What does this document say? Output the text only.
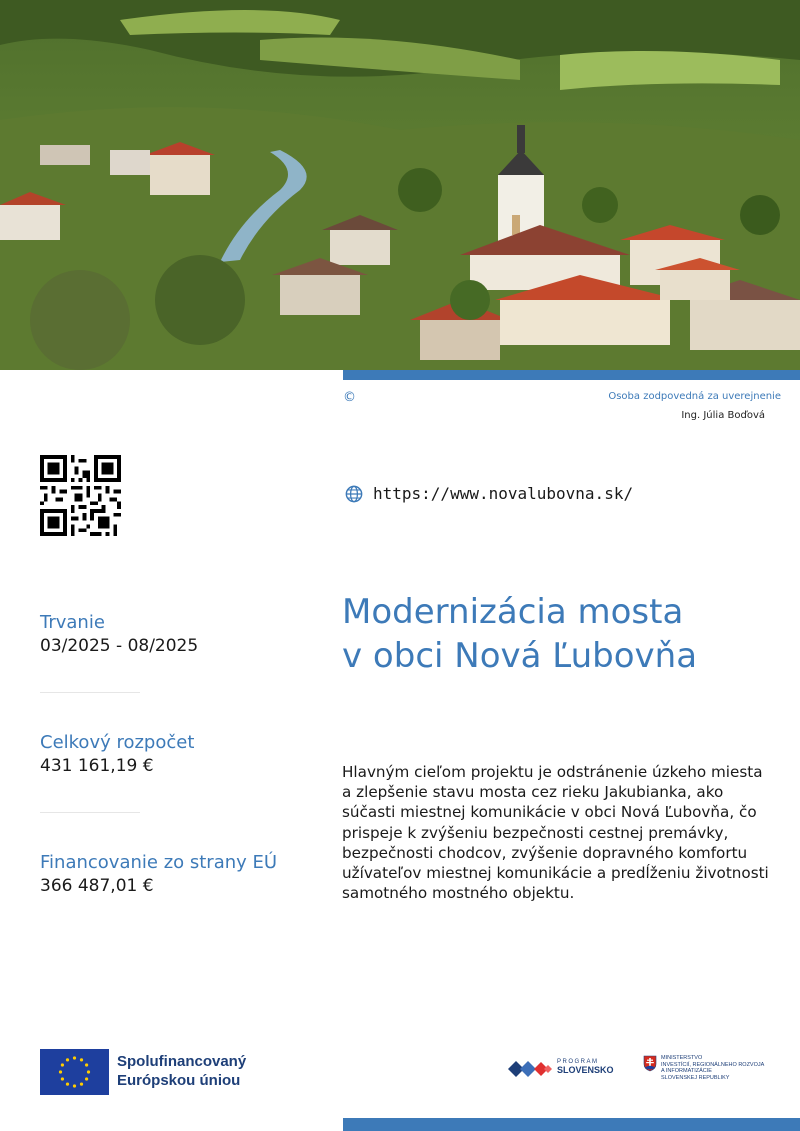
©	Osoba zodpovedná za uverejnenie
Ing. Júlia Boďová
https://www.novalubovna.sk/
Modernizácia mosta
v obci Nová Ľubovňa
Trvanie
03/2025 - 08/2025
Celkový rozpočet
431 161,19 €
Financovanie zo strany EÚ
366 487,01 €
Hlavným cieľom projektu je odstránenie úzkeho miesta a zlepšenie stavu mosta cez rieku Jakubianka, ako súčasti miestnej komunikácie v obci Nová Ľubovňa, čo prispeje k zvýšeniu bezpečnosti cestnej premávky, bezpečnosti chodcov, zvýšenie dopravného komfortu užívateľov miestnej komunikácie a predĺženiu životnosti samotného mostného objektu.
Spolufinancovaný
Európskou úniou
PROGRAM
SLOVENSKO
MINISTERSTVO
INVESTÍCIÍ, REGIONÁLNEHO ROZVOJA
A INFORMATIZÁCIE
SLOVENSKEJ REPUBLIKY
